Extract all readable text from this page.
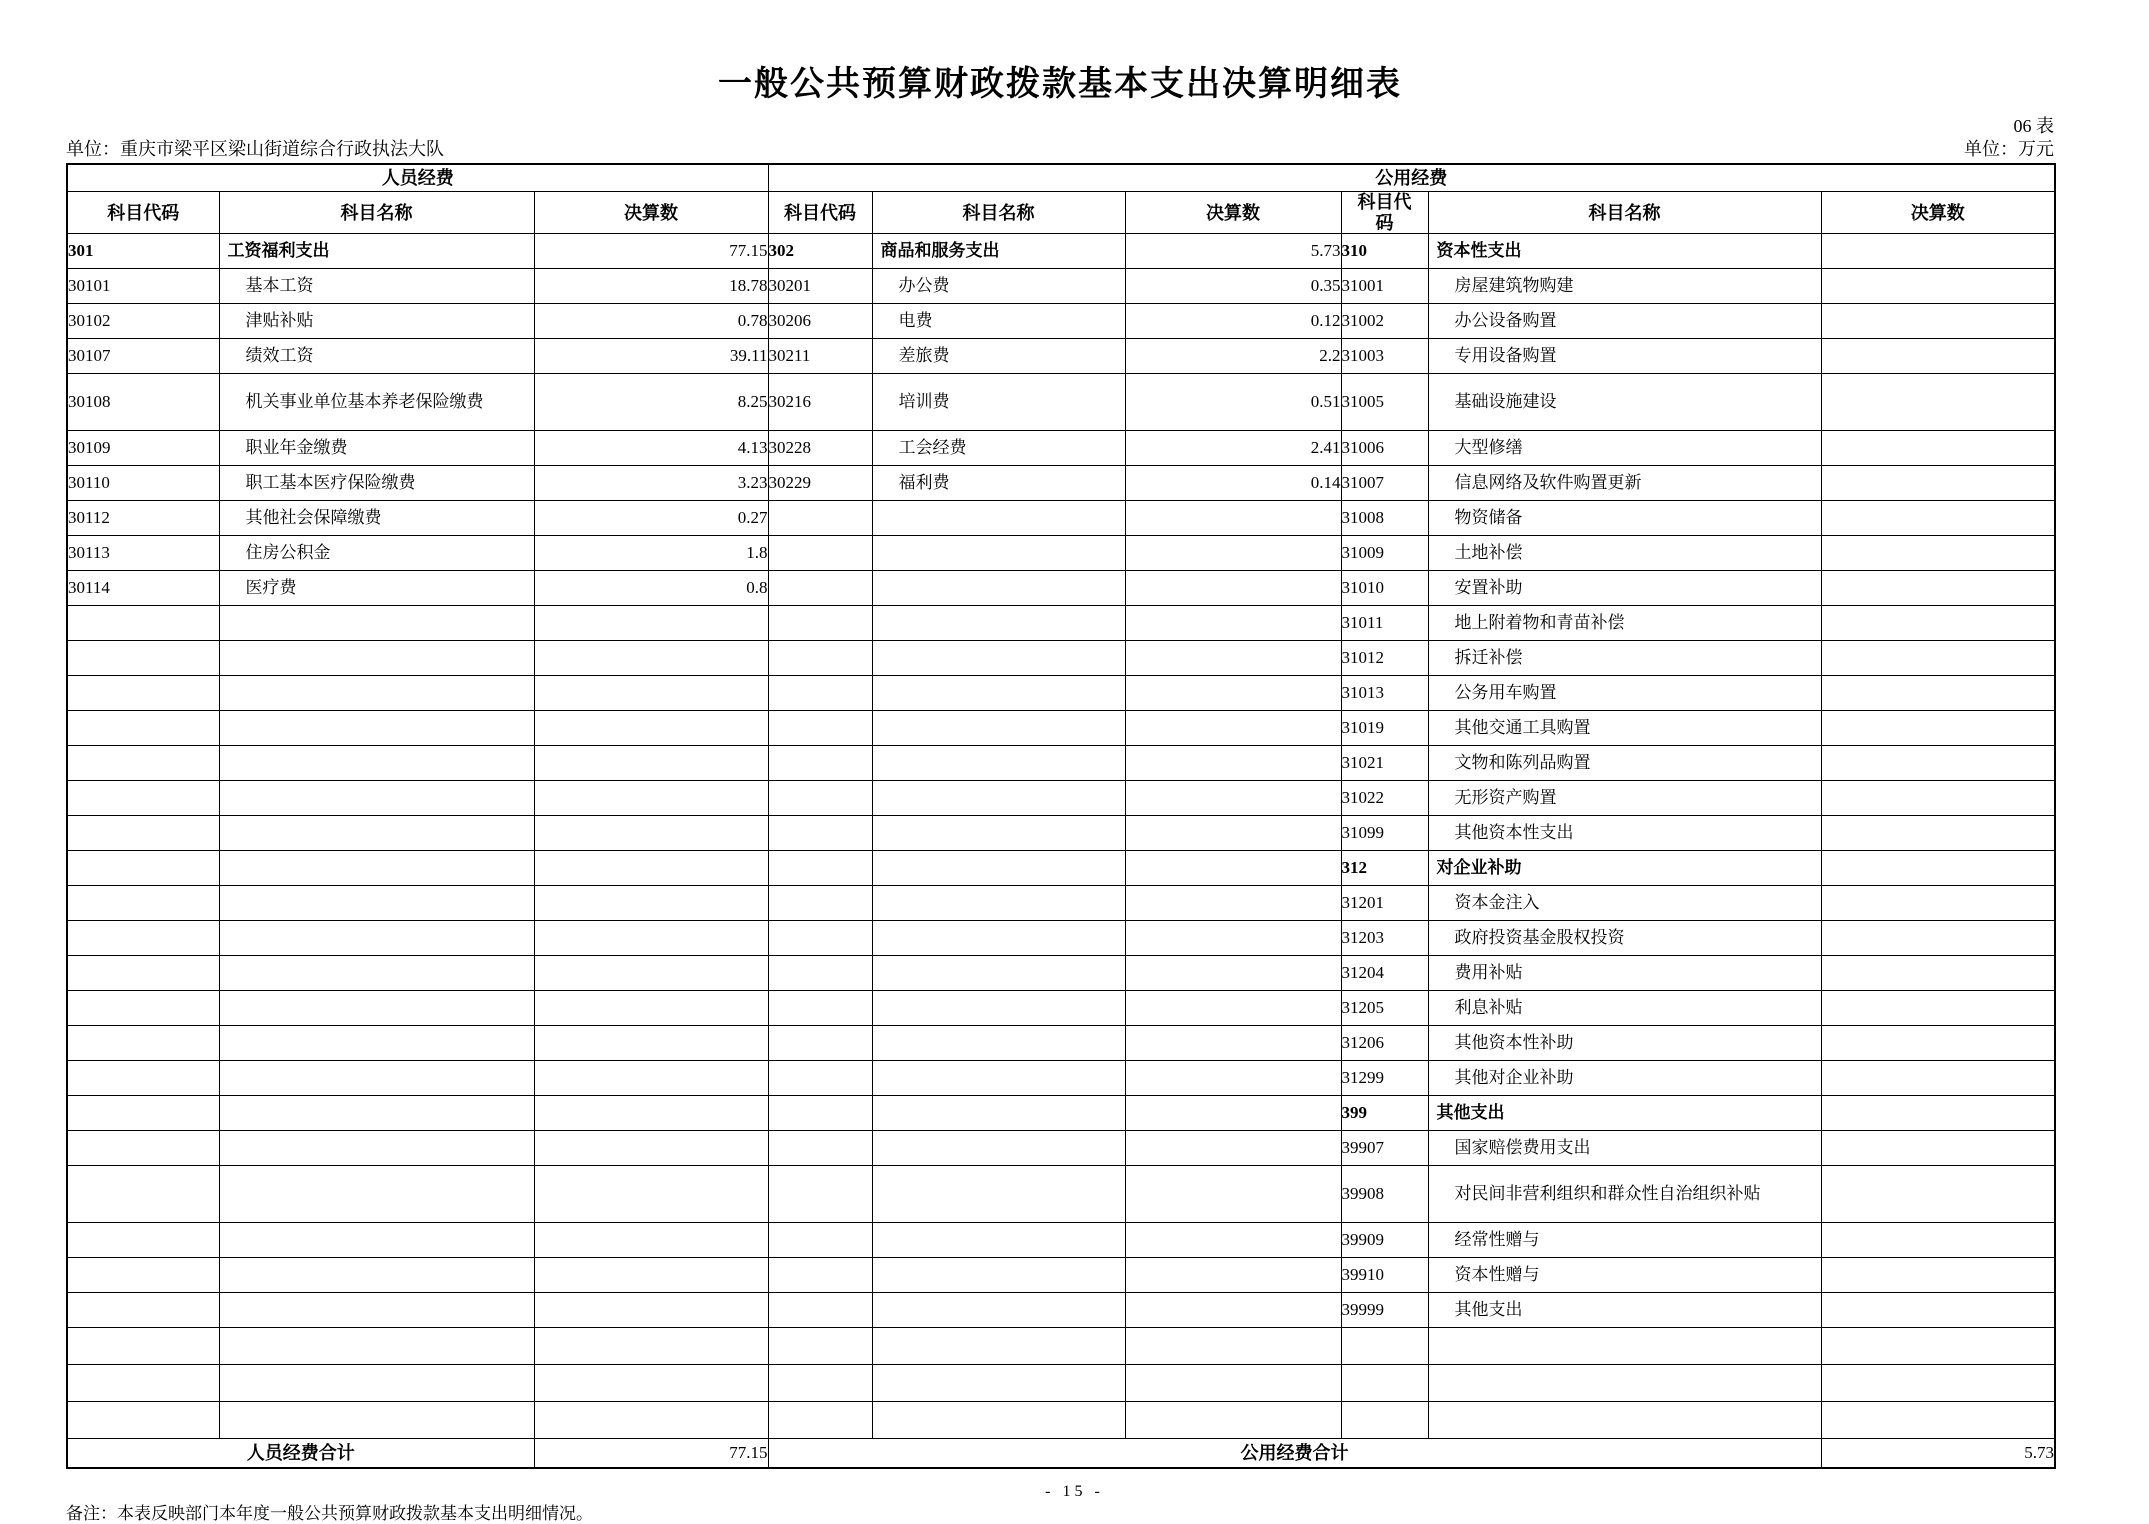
一般公共预算财政拨款基本支出决算明细表
06 表
单位：重庆市梁平区梁山街道综合行政执法大队	单位：万元
人员经费			公用经费					
科目代码	科目名称	决算数	科目代码	科目名称	决算数	科目代码	科目名称	决算数
301	工资福利支出	77.15	302	商品和服务支出	5.73	310	资本性支出	
30101	基本工资	18.78	30201	办公费	0.35	31001	房屋建筑物购建	
30102	津贴补贴	0.78	30206	电费	0.12	31002	办公设备购置	
30107	绩效工资	39.11	30211	差旅费	2.2	31003	专用设备购置	
30108	机关事业单位基本养老保险缴费	8.25	30216	培训费	0.51	31005	基础设施建设	
30109	职业年金缴费	4.13	30228	工会经费	2.41	31006	大型修缮	
30110	职工基本医疗保险缴费	3.23	30229	福利费	0.14	31007	信息网络及软件购置更新	
30112	其他社会保障缴费	0.27				31008	物资储备	
30113	住房公积金	1.8				31009	土地补偿	
30114	医疗费	0.8				31010	安置补助	
						31011	地上附着物和青苗补偿	
						31012	拆迁补偿	
						31013	公务用车购置	
						31019	其他交通工具购置	
						31021	文物和陈列品购置	
						31022	无形资产购置	
						31099	其他资本性支出	
						312	对企业补助	
						31201	资本金注入	
						31203	政府投资基金股权投资	
						31204	费用补贴	
						31205	利息补贴	
						31206	其他资本性补助	
						31299	其他对企业补助	
						399	其他支出	
						39907	国家赔偿费用支出	
						39908	对民间非营利组织和群众性自治组织补贴	
						39909	经常性赠与	
						39910	资本性赠与	
						39999	其他支出	

人员经费合计		77.15	公用经费合计					5.73
备注：本表反映部门本年度一般公共预算财政拨款基本支出明细情况。
- 15 -
